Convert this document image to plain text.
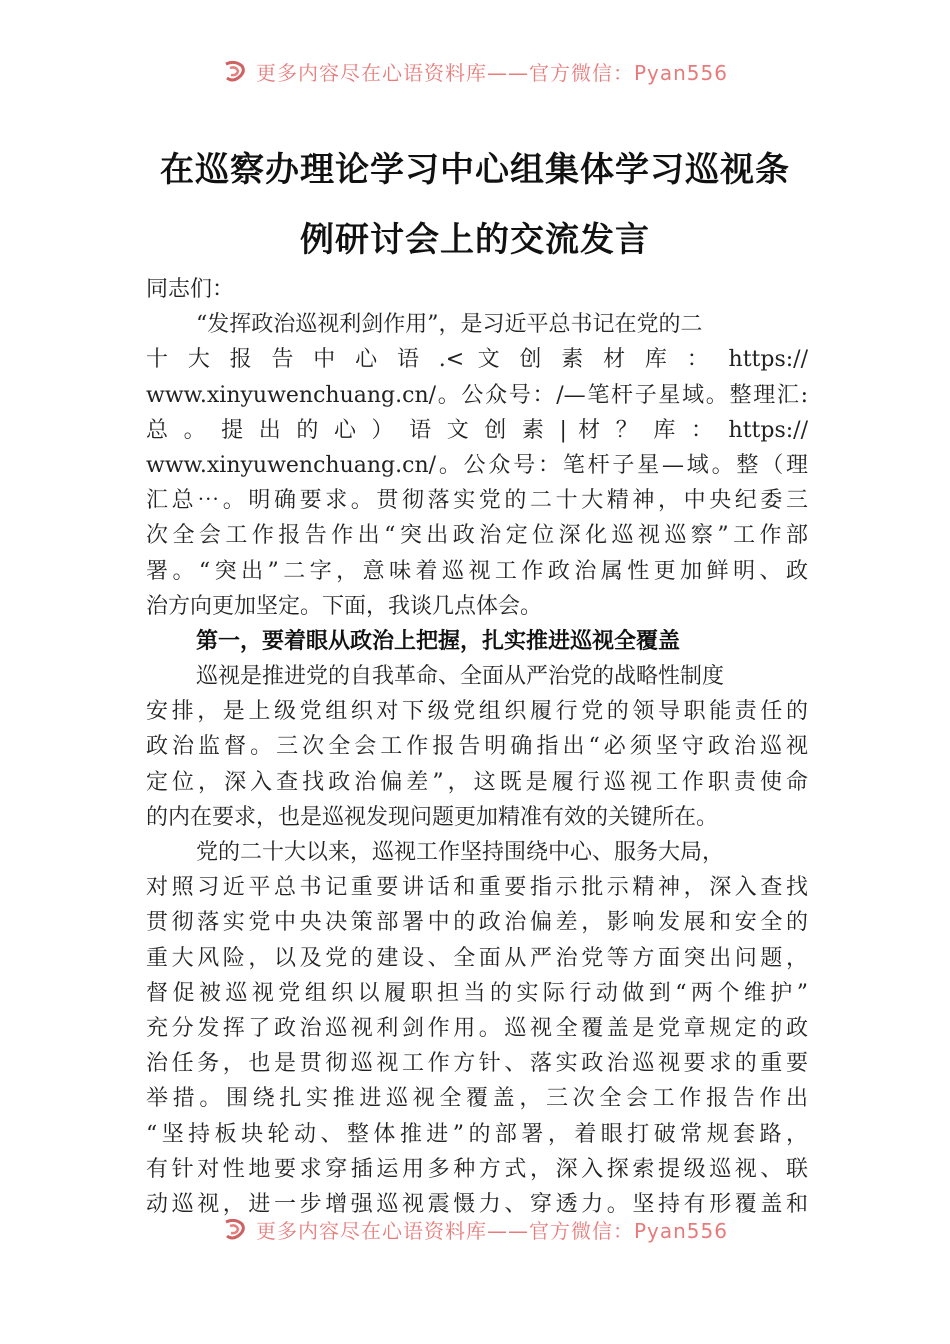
更多内容尽在心语资料库——官方微信：Pyan556
在巡察办理论学习中心组集体学习巡视条
例研讨会上的交流发言
同志们：
“发挥政治巡视利剑作用”，是习近平总书记在党的二
十 大 报 告 中 心 语 .< 文 创 素 材 库 ： https://
www.xinyuwenchuang.cn/。公众号：/—笔杆子星域。整理汇:
总 。 提 出 的 心 ） 语 文 创 素 | 材 ？ 库 ： https://
www.xinyuwenchuang.cn/。公众号：笔杆子星—域。整（理
汇总⋯。明确要求。贯彻落实党的二十大精神，中央纪委三
次全会工作报告作出“突出政治定位深化巡视巡察”工作部
署。“突出”二字，意味着巡视工作政治属性更加鲜明、政
治方向更加坚定。下面，我谈几点体会。
第一，要着眼从政治上把握，扎实推进巡视全覆盖
巡视是推进党的自我革命、全面从严治党的战略性制度
安排，是上级党组织对下级党组织履行党的领导职能责任的
政治监督。三次全会工作报告明确指出“必须坚守政治巡视
定位，深入查找政治偏差”，这既是履行巡视工作职责使命
的内在要求，也是巡视发现问题更加精准有效的关键所在。
党的二十大以来，巡视工作坚持围绕中心、服务大局，
对照习近平总书记重要讲话和重要指示批示精神，深入查找
贯彻落实党中央决策部署中的政治偏差，影响发展和安全的
重大风险，以及党的建设、全面从严治党等方面突出问题，
督促被巡视党组织以履职担当的实际行动做到“两个维护”
充分发挥了政治巡视利剑作用。巡视全覆盖是党章规定的政
治任务，也是贯彻巡视工作方针、落实政治巡视要求的重要
举措。围绕扎实推进巡视全覆盖，三次全会工作报告作出
“坚持板块轮动、整体推进”的部署，着眼打破常规套路，
有针对性地要求穿插运用多种方式，深入探索提级巡视、联
动巡视，进一步增强巡视震慑力、穿透力。坚持有形覆盖和
更多内容尽在心语资料库——官方微信：Pyan556
